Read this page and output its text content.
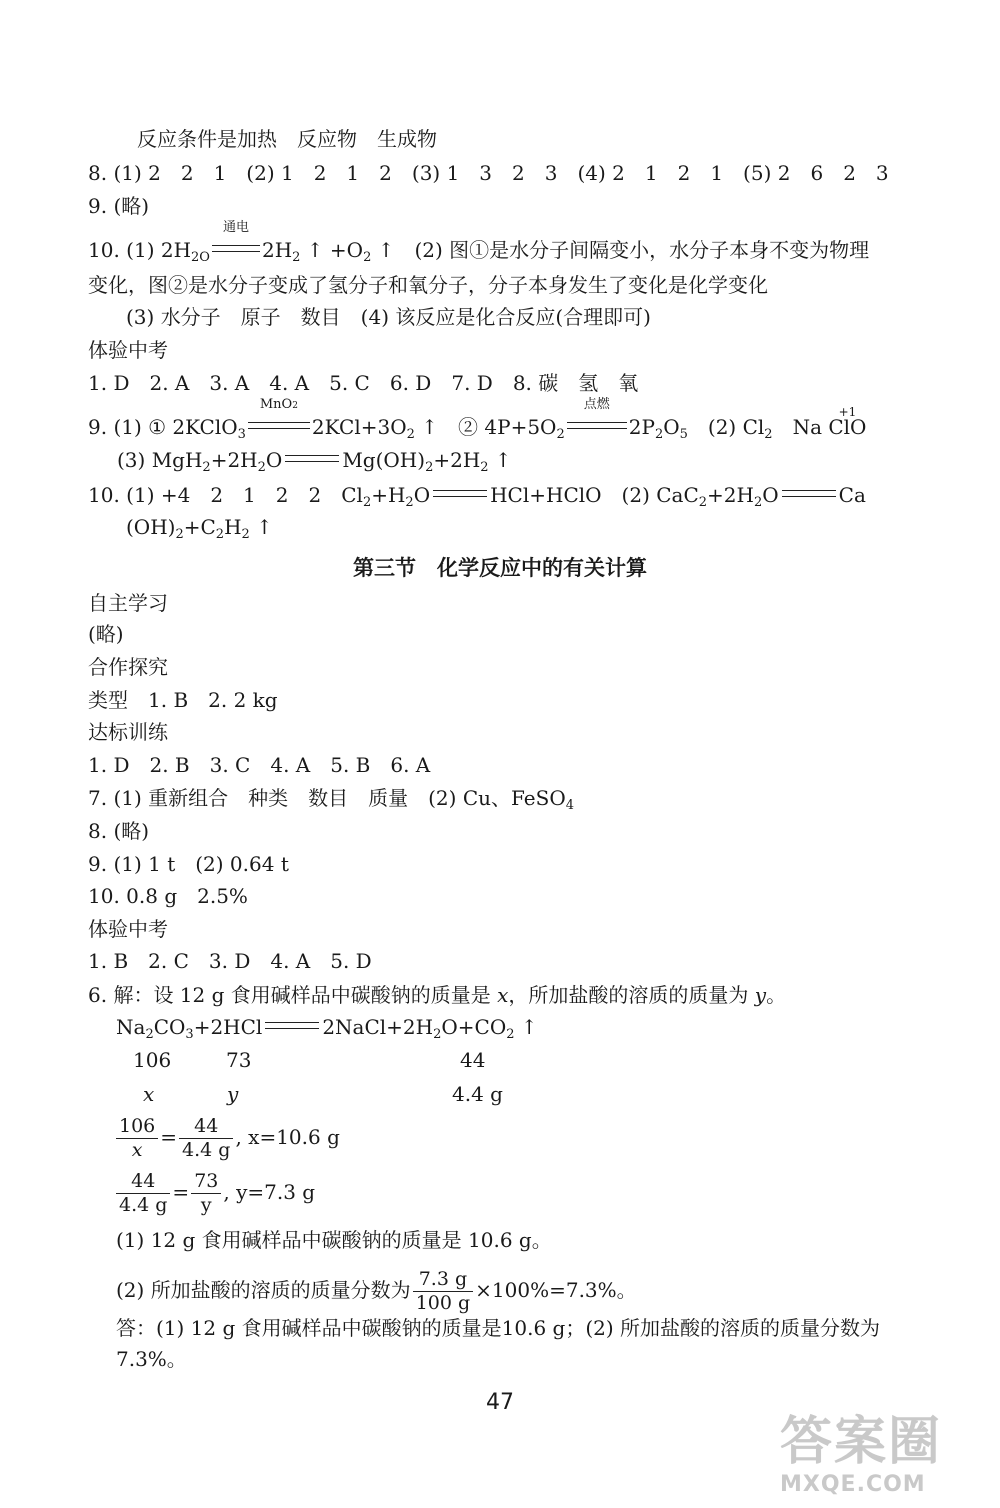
反应条件是加热　反应物　生成物
8. (1) 2　2　1　(2) 1　2　1　2　(3) 1　3　2　3　(4) 2　1　2　1　(5) 2　6　2　3
9. (略)
10. (1) $2H_{2O}$
通电
$2H_2$ ↑ $+O_2$ ↑　(2) 图①是水分子间隔变小，水分子本身不变为物理
变化，图②是水分子变成了氢分子和氧分子，分子本身发生了变化是化学变化
(3) 水分子　原子　数目　(4) 该反应是化合反应(合理即可)
体验中考
1. D　2. A　3. A　4. A　5. C　6. D　7. D　8. 碳　氢　氧
9. (1) ① 2KClO$_3$
MnO2
$2KCl+3O_2$ ↑　② $4P+5O_2$
点燃
$2P_2O_5$　(2) $Cl_2$　Na
+1
ClO
(3) $MgH_2+2H_2O$	$Mg(OH)_2+2H_2$ ↑
10. (1) +4　2　1　2　2　$Cl_2+H_2O$	HCl+HClO　(2) $CaC_2+2H_2O$	Ca
$(OH)_2+C_2H_2$ ↑
第三节　化学反应中的有关计算
自主学习
(略)
合作探究
类型　1. B　2. 2 kg
达标训练
1. D　2. B　3. C　4. A　5. B　6. A
7. (1) 重新组合　种类　数目　质量　(2) Cu、FeSO$_4$
8. (略)
9. (1) 1 t　(2) 0.64 t
10. 0.8 g　2.5%
体验中考
1. B　2. C　3. D　4. A　5. D
6. 解：设 12 g 食用碱样品中碳酸钠的质量是 x，所加盐酸的溶质的质量为 y。
$Na_2CO_3+2HCl$	$2NaCl+2H_2O+CO_2$ ↑
106	73	44
x	y	4.4 g
$\frac{106}{x} = \frac{44}{4.4 g}$ , x=10.6 g
$\frac{44}{4.4 g} = \frac{73}{y}$ , y=7.3 g
(1) 12 g 食用碱样品中碳酸钠的质量是 10.6 g。
(2) 所加盐酸的溶质的质量分数为 $\frac{7.3 g}{100 g} \times 100\%=7.3\%$。
答：(1) 12 g 食用碱样品中碳酸钠的质量是10.6 g；(2) 所加盐酸的溶质的质量分数为
7.3%。
47
答案圈
MXQE.COM
